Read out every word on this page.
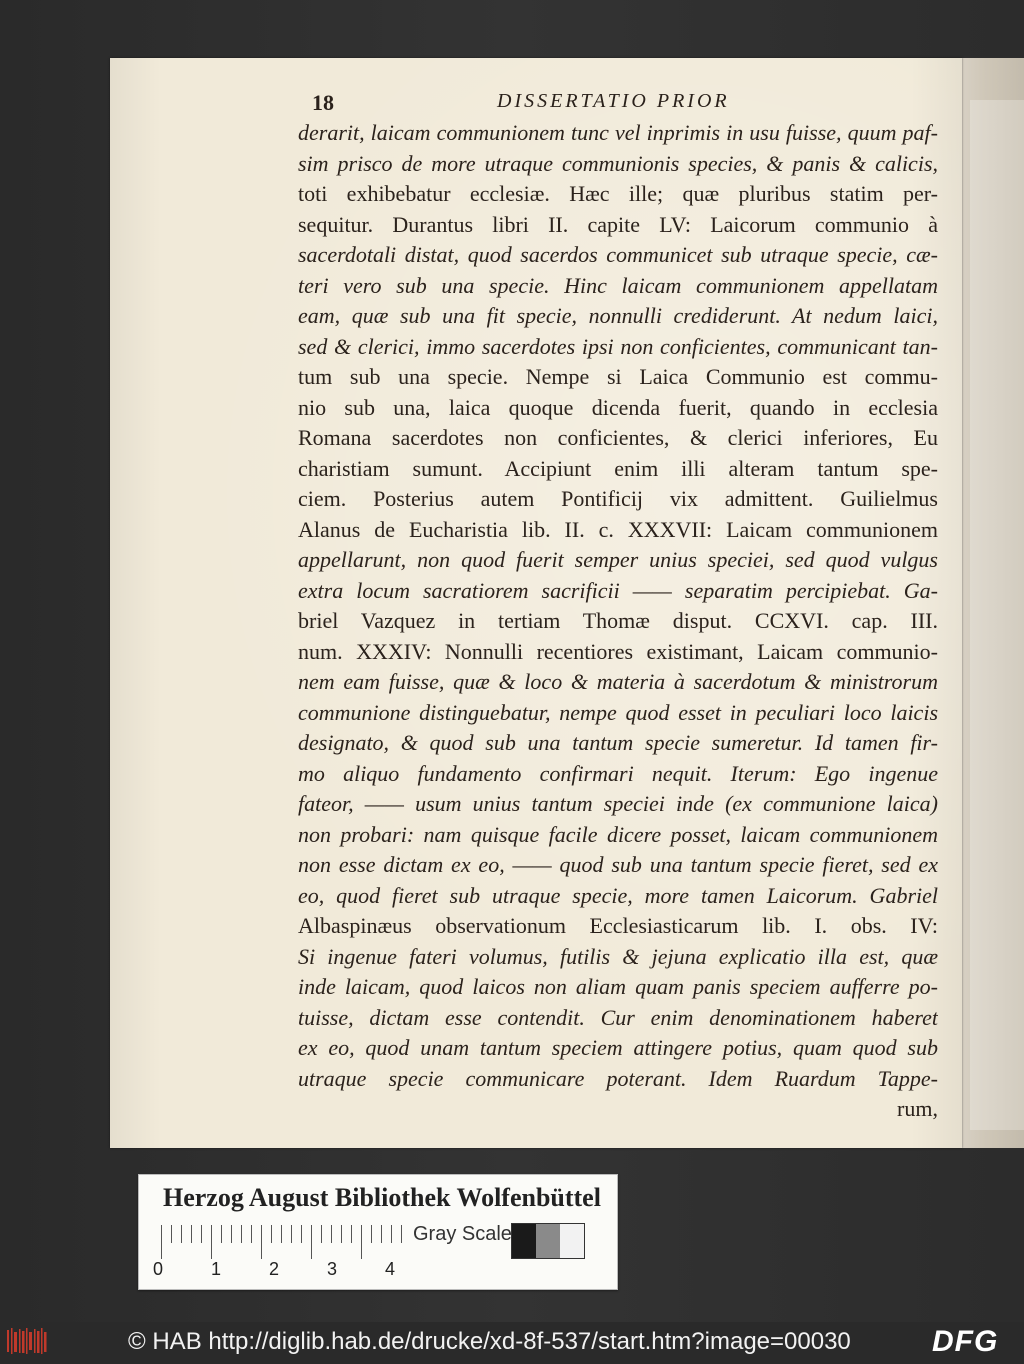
18	DISSERTATIO PRIOR
derarit, laicam communionem tunc vel inprimis in usu fuisse, quum paf-
sim prisco de more utraque communionis species, & panis & calicis,
toti exhibebatur ecclesiæ. Hæc ille; quæ pluribus statim per-
sequitur. Durantus libri II. capite LV: Laicorum communio à
sacerdotali distat, quod sacerdos communicet sub utraque specie, cæ-
teri vero sub una specie. Hinc laicam communionem appellatam
eam, quæ sub una fit specie, nonnulli crediderunt. At nedum laici,
sed & clerici, immo sacerdotes ipsi non conficientes, communicant tan-
tum sub una specie. Nempe si Laica Communio est commu-
nio sub una, laica quoque dicenda fuerit, quando in ecclesia
Romana sacerdotes non conficientes, & clerici inferiores, Eu
charistiam sumunt. Accipiunt enim illi alteram tantum spe-
ciem. Posterius autem Pontificij vix admittent. Guilielmus
Alanus de Eucharistia lib. II. c. XXXVII: Laicam communionem
appellarunt, non quod fuerit semper unius speciei, sed quod vulgus
extra locum sacratiorem sacrificii —— separatim percipiebat. Ga-
briel Vazquez in tertiam Thomæ disput. CCXVI. cap. III.
num. XXXIV: Nonnulli recentiores existimant, Laicam communio-
nem eam fuisse, quæ & loco & materia à sacerdotum & ministrorum
communione distinguebatur, nempe quod esset in peculiari loco laicis
designato, & quod sub una tantum specie sumeretur. Id tamen fir-
mo aliquo fundamento confirmari nequit. Iterum: Ego ingenue
fateor, —— usum unius tantum speciei inde (ex communione laica)
non probari: nam quisque facile dicere posset, laicam communionem
non esse dictam ex eo, —— quod sub una tantum specie fieret, sed ex
eo, quod fieret sub utraque specie, more tamen Laicorum. Gabriel
Albaspinæus observationum Ecclesiasticarum lib. I. obs. IV:
Si ingenue fateri volumus, futilis & jejuna explicatio illa est, quæ
inde laicam, quod laicos non aliam quam panis speciem aufferre po-
tuisse, dictam esse contendit. Cur enim denominationem haberet
ex eo, quod unam tantum speciem attingere potius, quam quod sub
utraque specie communicare poterant. Idem Ruardum Tappe-
rum,
Herzog August Bibliothek Wolfenbüttel
0	1	2	3	4
Gray Scale
© HAB http://diglib.hab.de/drucke/xd-8f-537/start.htm?image=00030	DFG
